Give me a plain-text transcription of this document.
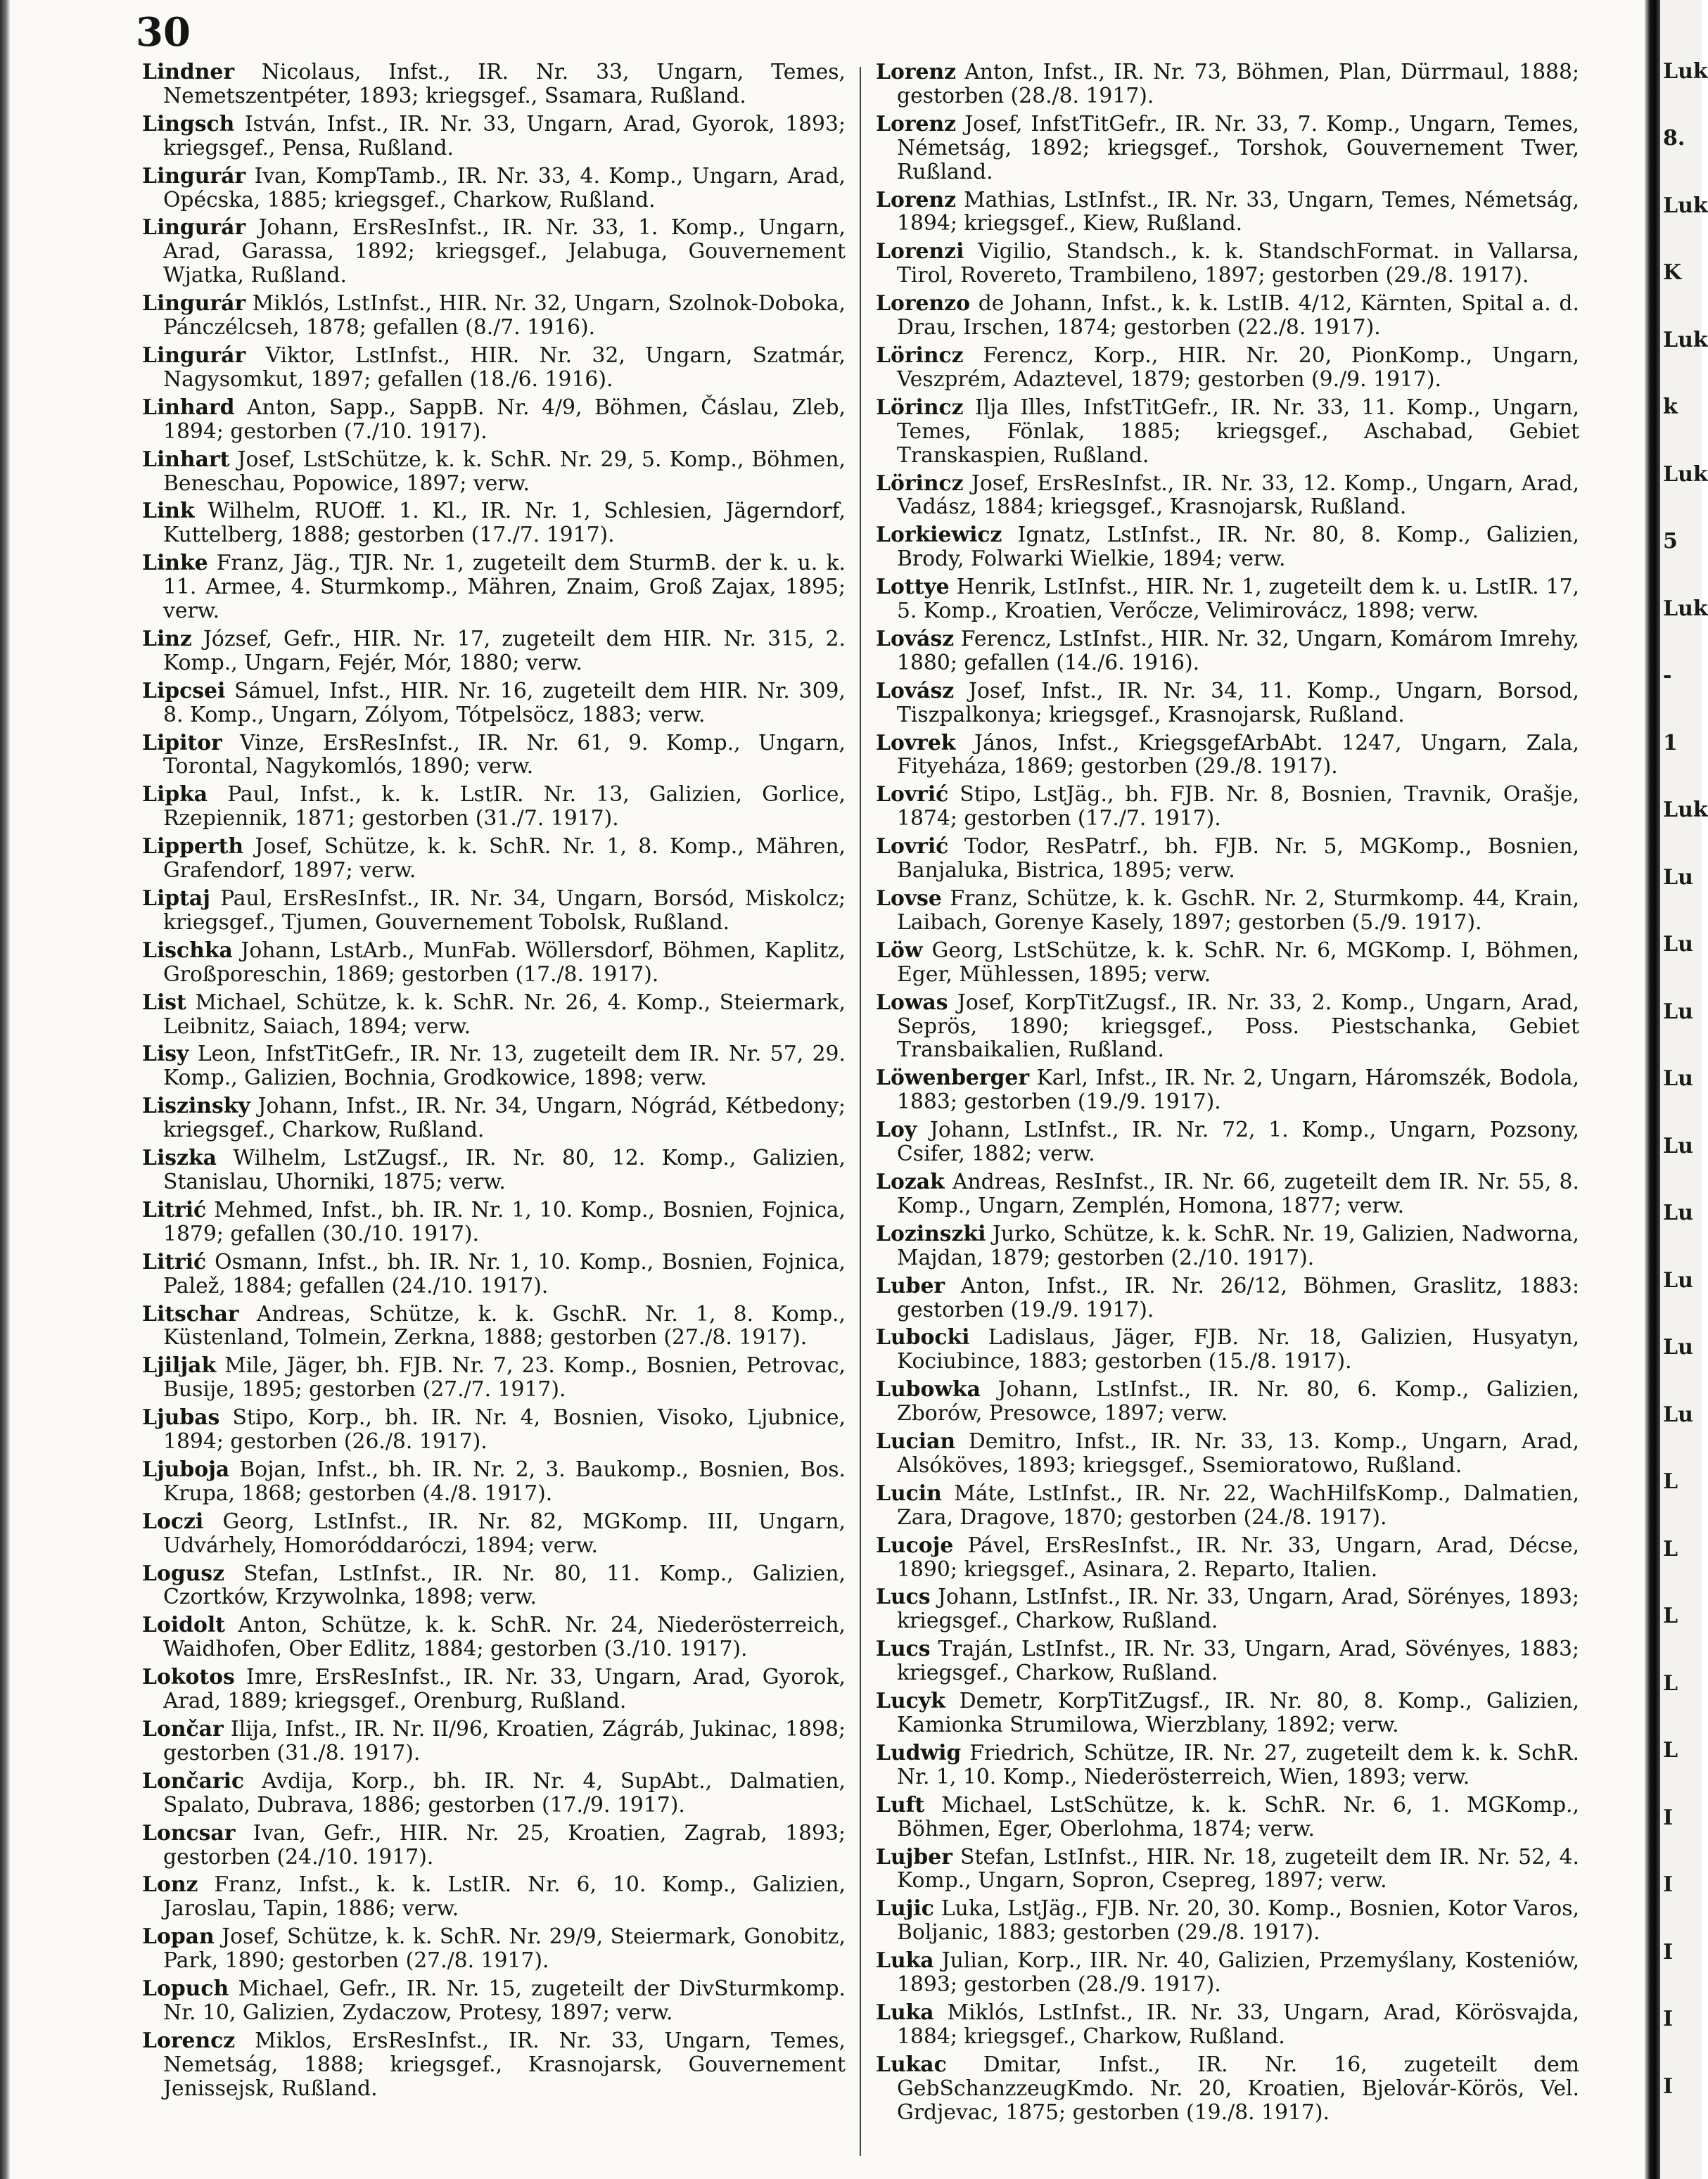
30
Lindner Nicolaus, Infst., IR. Nr. 33, Ungarn, Temes, Nemetszentpéter, 1893; kriegsgef., Ssamara, Rußland.
Lingsch István, Infst., IR. Nr. 33, Ungarn, Arad, Gyorok, 1893; kriegsgef., Pensa, Rußland.
Lingurár Ivan, KompTamb., IR. Nr. 33, 4. Komp., Ungarn, Arad, Opécska, 1885; kriegsgef., Charkow, Rußland.
Lingurár Johann, ErsResInfst., IR. Nr. 33, 1. Komp., Ungarn, Arad, Garassa, 1892; kriegsgef., Jelabuga, Gouvernement Wjatka, Rußland.
Lingurár Miklós, LstInfst., HIR. Nr. 32, Ungarn, Szolnok-Doboka, Pánczélcseh, 1878; gefallen (8./7. 1916).
Lingurár Viktor, LstInfst., HIR. Nr. 32, Ungarn, Szatmár, Nagysomkut, 1897; gefallen (18./6. 1916).
Linhard Anton, Sapp., SappB. Nr. 4/9, Böhmen, Čáslau, Zleb, 1894; gestorben (7./10. 1917).
Linhart Josef, LstSchütze, k. k. SchR. Nr. 29, 5. Komp., Böhmen, Beneschau, Popowice, 1897; verw.
Link Wilhelm, RUOff. 1. Kl., IR. Nr. 1, Schlesien, Jägerndorf, Kuttelberg, 1888; gestorben (17./7. 1917).
Linke Franz, Jäg., TJR. Nr. 1, zugeteilt dem SturmB. der k. u. k. 11. Armee, 4. Sturmkomp., Mähren, Znaim, Groß Zajax, 1895; verw.
Linz József, Gefr., HIR. Nr. 17, zugeteilt dem HIR. Nr. 315, 2. Komp., Ungarn, Fejér, Mór, 1880; verw.
Lipcsei Sámuel, Infst., HIR. Nr. 16, zugeteilt dem HIR. Nr. 309, 8. Komp., Ungarn, Zólyom, Tótpelsöcz, 1883; verw.
Lipitor Vinze, ErsResInfst., IR. Nr. 61, 9. Komp., Ungarn, Torontal, Nagykomlós, 1890; verw.
Lipka Paul, Infst., k. k. LstIR. Nr. 13, Galizien, Gorlice, Rzepiennik, 1871; gestorben (31./7. 1917).
Lipperth Josef, Schütze, k. k. SchR. Nr. 1, 8. Komp., Mähren, Grafendorf, 1897; verw.
Liptaj Paul, ErsResInfst., IR. Nr. 34, Ungarn, Borsód, Miskolcz; kriegsgef., Tjumen, Gouvernement Tobolsk, Rußland.
Lischka Johann, LstArb., MunFab. Wöllersdorf, Böhmen, Kaplitz, Großporeschin, 1869; gestorben (17./8. 1917).
List Michael, Schütze, k. k. SchR. Nr. 26, 4. Komp., Steiermark, Leibnitz, Saiach, 1894; verw.
Lisy Leon, InfstTitGefr., IR. Nr. 13, zugeteilt dem IR. Nr. 57, 29. Komp., Galizien, Bochnia, Grodkowice, 1898; verw.
Liszinsky Johann, Infst., IR. Nr. 34, Ungarn, Nógrád, Kétbedony; kriegsgef., Charkow, Rußland.
Liszka Wilhelm, LstZugsf., IR. Nr. 80, 12. Komp., Galizien, Stanislau, Uhorniki, 1875; verw.
Litrić Mehmed, Infst., bh. IR. Nr. 1, 10. Komp., Bosnien, Fojnica, 1879; gefallen (30./10. 1917).
Litrić Osmann, Infst., bh. IR. Nr. 1, 10. Komp., Bosnien, Fojnica, Palež, 1884; gefallen (24./10. 1917).
Litschar Andreas, Schütze, k. k. GschR. Nr. 1, 8. Komp., Küstenland, Tolmein, Zerkna, 1888; gestorben (27./8. 1917).
Ljiljak Mile, Jäger, bh. FJB. Nr. 7, 23. Komp., Bosnien, Petrovac, Busije, 1895; gestorben (27./7. 1917).
Ljubas Stipo, Korp., bh. IR. Nr. 4, Bosnien, Visoko, Ljubnice, 1894; gestorben (26./8. 1917).
Ljuboja Bojan, Infst., bh. IR. Nr. 2, 3. Baukomp., Bosnien, Bos. Krupa, 1868; gestorben (4./8. 1917).
Loczi Georg, LstInfst., IR. Nr. 82, MGKomp. III, Ungarn, Udvárhely, Homoróddaróczi, 1894; verw.
Logusz Stefan, LstInfst., IR. Nr. 80, 11. Komp., Galizien, Czortków, Krzywolnka, 1898; verw.
Loidolt Anton, Schütze, k. k. SchR. Nr. 24, Niederösterreich, Waidhofen, Ober Edlitz, 1884; gestorben (3./10. 1917).
Lokotos Imre, ErsResInfst., IR. Nr. 33, Ungarn, Arad, Gyorok, Arad, 1889; kriegsgef., Orenburg, Rußland.
Lončar Ilija, Infst., IR. Nr. II/96, Kroatien, Zágráb, Jukinac, 1898; gestorben (31./8. 1917).
Lončaric Avdija, Korp., bh. IR. Nr. 4, SupAbt., Dalmatien, Spalato, Dubrava, 1886; gestorben (17./9. 1917).
Loncsar Ivan, Gefr., HIR. Nr. 25, Kroatien, Zagrab, 1893; gestorben (24./10. 1917).
Lonz Franz, Infst., k. k. LstIR. Nr. 6, 10. Komp., Galizien, Jaroslau, Tapin, 1886; verw.
Lopan Josef, Schütze, k. k. SchR. Nr. 29/9, Steiermark, Gonobitz, Park, 1890; gestorben (27./8. 1917).
Lopuch Michael, Gefr., IR. Nr. 15, zugeteilt der DivSturmkomp. Nr. 10, Galizien, Zydaczow, Protesy, 1897; verw.
Lorencz Miklos, ErsResInfst., IR. Nr. 33, Ungarn, Temes, Nemetság, 1888; kriegsgef., Krasnojarsk, Gouvernement Jenissejsk, Rußland.
Lorenz Anton, Infst., IR. Nr. 73, Böhmen, Plan, Dürrmaul, 1888; gestorben (28./8. 1917).
Lorenz Josef, InfstTitGefr., IR. Nr. 33, 7. Komp., Ungarn, Temes, Németság, 1892; kriegsgef., Torshok, Gouvernement Twer, Rußland.
Lorenz Mathias, LstInfst., IR. Nr. 33, Ungarn, Temes, Németság, 1894; kriegsgef., Kiew, Rußland.
Lorenzi Vigilio, Standsch., k. k. StandschFormat. in Vallarsa, Tirol, Rovereto, Trambileno, 1897; gestorben (29./8. 1917).
Lorenzo de Johann, Infst., k. k. LstIB. 4/12, Kärnten, Spital a. d. Drau, Irschen, 1874; gestorben (22./8. 1917).
Lörincz Ferencz, Korp., HIR. Nr. 20, PionKomp., Ungarn, Veszprém, Adaztevel, 1879; gestorben (9./9. 1917).
Lörincz Ilja Illes, InfstTitGefr., IR. Nr. 33, 11. Komp., Ungarn, Temes, Fönlak, 1885; kriegsgef., Aschabad, Gebiet Transkaspien, Rußland.
Lörincz Josef, ErsResInfst., IR. Nr. 33, 12. Komp., Ungarn, Arad, Vadász, 1884; kriegsgef., Krasnojarsk, Rußland.
Lorkiewicz Ignatz, LstInfst., IR. Nr. 80, 8. Komp., Galizien, Brody, Folwarki Wielkie, 1894; verw.
Lottye Henrik, LstInfst., HIR. Nr. 1, zugeteilt dem k. u. LstIR. 17, 5. Komp., Kroatien, Verőcze, Velimirovácz, 1898; verw.
Lovász Ferencz, LstInfst., HIR. Nr. 32, Ungarn, Komárom Imrehy, 1880; gefallen (14./6. 1916).
Lovász Josef, Infst., IR. Nr. 34, 11. Komp., Ungarn, Borsod, Tiszpalkonya; kriegsgef., Krasnojarsk, Rußland.
Lovrek János, Infst., KriegsgefArbAbt. 1247, Ungarn, Zala, Fityeháza, 1869; gestorben (29./8. 1917).
Lovrić Stipo, LstJäg., bh. FJB. Nr. 8, Bosnien, Travnik, Orašje, 1874; gestorben (17./7. 1917).
Lovrić Todor, ResPatrf., bh. FJB. Nr. 5, MGKomp., Bosnien, Banjaluka, Bistrica, 1895; verw.
Lovse Franz, Schütze, k. k. GschR. Nr. 2, Sturmkomp. 44, Krain, Laibach, Gorenye Kasely, 1897; gestorben (5./9. 1917).
Löw Georg, LstSchütze, k. k. SchR. Nr. 6, MGKomp. I, Böhmen, Eger, Mühlessen, 1895; verw.
Lowas Josef, KorpTitZugsf., IR. Nr. 33, 2. Komp., Ungarn, Arad, Seprös, 1890; kriegsgef., Poss. Piestschanka, Gebiet Transbaikalien, Rußland.
Löwenberger Karl, Infst., IR. Nr. 2, Ungarn, Háromszék, Bodola, 1883; gestorben (19./9. 1917).
Loy Johann, LstInfst., IR. Nr. 72, 1. Komp., Ungarn, Pozsony, Csifer, 1882; verw.
Lozak Andreas, ResInfst., IR. Nr. 66, zugeteilt dem IR. Nr. 55, 8. Komp., Ungarn, Zemplén, Homona, 1877; verw.
Lozinszki Jurko, Schütze, k. k. SchR. Nr. 19, Galizien, Nadworna, Majdan, 1879; gestorben (2./10. 1917).
Luber Anton, Infst., IR. Nr. 26/12, Böhmen, Graslitz, 1883: gestorben (19./9. 1917).
Lubocki Ladislaus, Jäger, FJB. Nr. 18, Galizien, Husyatyn, Kociubince, 1883; gestorben (15./8. 1917).
Lubowka Johann, LstInfst., IR. Nr. 80, 6. Komp., Galizien, Zborów, Presowce, 1897; verw.
Lucian Demitro, Infst., IR. Nr. 33, 13. Komp., Ungarn, Arad, Alsóköves, 1893; kriegsgef., Ssemioratowo, Rußland.
Lucin Máte, LstInfst., IR. Nr. 22, WachHilfsKomp., Dalmatien, Zara, Dragove, 1870; gestorben (24./8. 1917).
Lucoje Pável, ErsResInfst., IR. Nr. 33, Ungarn, Arad, Décse, 1890; kriegsgef., Asinara, 2. Reparto, Italien.
Lucs Johann, LstInfst., IR. Nr. 33, Ungarn, Arad, Sörényes, 1893; kriegsgef., Charkow, Rußland.
Lucs Traján, LstInfst., IR. Nr. 33, Ungarn, Arad, Sövényes, 1883; kriegsgef., Charkow, Rußland.
Lucyk Demetr, KorpTitZugsf., IR. Nr. 80, 8. Komp., Galizien, Kamionka Strumilowa, Wierzblany, 1892; verw.
Ludwig Friedrich, Schütze, IR. Nr. 27, zugeteilt dem k. k. SchR. Nr. 1, 10. Komp., Niederösterreich, Wien, 1893; verw.
Luft Michael, LstSchütze, k. k. SchR. Nr. 6, 1. MGKomp., Böhmen, Eger, Oberlohma, 1874; verw.
Lujber Stefan, LstInfst., HIR. Nr. 18, zugeteilt dem IR. Nr. 52, 4. Komp., Ungarn, Sopron, Csepreg, 1897; verw.
Lujic Luka, LstJäg., FJB. Nr. 20, 30. Komp., Bosnien, Kotor Varos, Boljanic, 1883; gestorben (29./8. 1917).
Luka Julian, Korp., IIR. Nr. 40, Galizien, Przemyślany, Kosteniów, 1893; gestorben (28./9. 1917).
Luka Miklós, LstInfst., IR. Nr. 33, Ungarn, Arad, Körösvajda, 1884; kriegsgef., Charkow, Rußland.
Lukac Dmitar, Infst., IR. Nr. 16, zugeteilt dem GebSchanzzeugKmdo. Nr. 20, Kroatien, Bjelovár-Körös, Vel. Grdjevac, 1875; gestorben (19./8. 1917).
Luk
8.
Luk
K
Luk
k
Luk
5
Luk
-
1
Luk
Lu
Lu
Lu
Lu
Lu
Lu
Lu
Lu
Lu
L
L
L
L
L
I
I
I
I
I
